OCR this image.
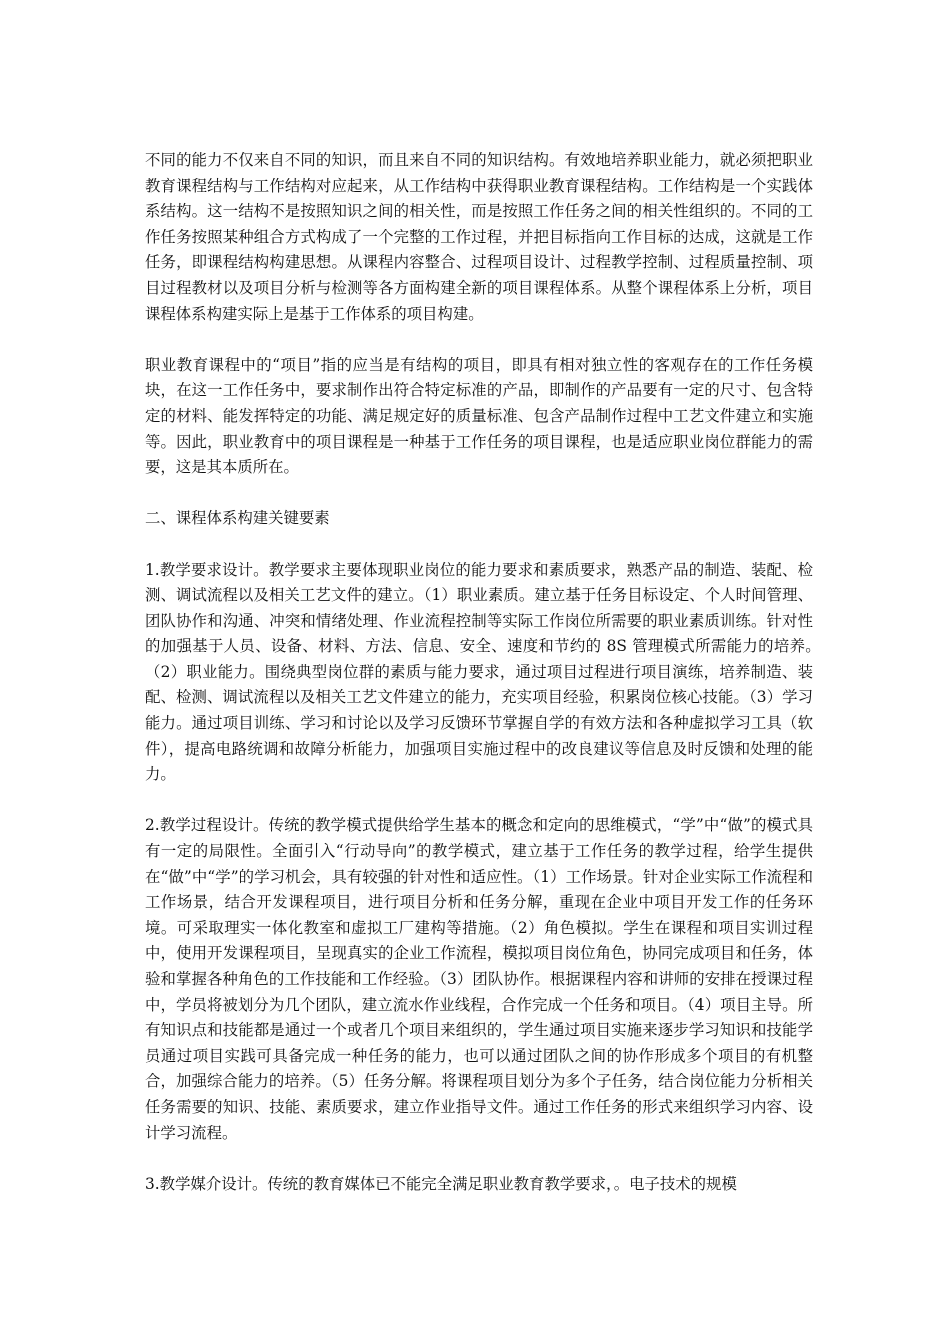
不同的能力不仅来自不同的知识，而且来自不同的知识结构。有效地培养职业能力，就必须把职业教育课程结构与工作结构对应起来，从工作结构中获得职业教育课程结构。工作结构是一个实践体系结构。这一结构不是按照知识之间的相关性，而是按照工作任务之间的相关性组织的。不同的工作任务按照某种组合方式构成了一个完整的工作过程，并把目标指向工作目标的达成，这就是工作任务，即课程结构构建思想。从课程内容整合、过程项目设计、过程教学控制、过程质量控制、项目过程教材以及项目分析与检测等各方面构建全新的项目课程体系。从整个课程体系上分析，项目课程体系构建实际上是基于工作体系的项目构建。

职业教育课程中的“项目”指的应当是有结构的项目，即具有相对独立性的客观存在的工作任务模块，在这一工作任务中，要求制作出符合特定标准的产品，即制作的产品要有一定的尺寸、包含特定的材料、能发挥特定的功能、满足规定好的质量标准、包含产品制作过程中工艺文件建立和实施等。因此，职业教育中的项目课程是一种基于工作任务的项目课程，也是适应职业岗位群能力的需要，这是其本质所在。

二、课程体系构建关键要素

1.教学要求设计。教学要求主要体现职业岗位的能力要求和素质要求，熟悉产品的制造、装配、检测、调试流程以及相关工艺文件的建立。（1）职业素质。建立基于任务目标设定、个人时间管理、团队协作和沟通、冲突和情绪处理、作业流程控制等实际工作岗位所需要的职业素质训练。针对性的加强基于人员、设备、材料、方法、信息、安全、速度和节约的 8S 管理模式所需能力的培养。　（2）职业能力。围绕典型岗位群的素质与能力要求，通过项目过程进行项目演练，培养制造、装配、检测、调试流程以及相关工艺文件建立的能力，充实项目经验，积累岗位核心技能。（3）学习能力。通过项目训练、学习和讨论以及学习反馈环节掌握自学的有效方法和各种虚拟学习工具（软件），提高电路统调和故障分析能力，加强项目实施过程中的改良建议等信息及时反馈和处理的能力。

2.教学过程设计。传统的教学模式提供给学生基本的概念和定向的思维模式，“学”中“做”的模式具有一定的局限性。全面引入“行动导向”的教学模式，建立基于工作任务的教学过程，给学生提供在“做”中“学”的学习机会，具有较强的针对性和适应性。（1）工作场景。针对企业实际工作流程和工作场景，结合开发课程项目，进行项目分析和任务分解，重现在企业中项目开发工作的任务环境。可采取理实一体化教室和虚拟工厂建构等措施。（2）角色模拟。学生在课程和项目实训过程中，使用开发课程项目，呈现真实的企业工作流程，模拟项目岗位角色，协同完成项目和任务，体验和掌握各种角色的工作技能和工作经验。（3）团队协作。根据课程内容和讲师的安排在授课过程中，学员将被划分为几个团队，建立流水作业线程，合作完成一个任务和项目。（4）项目主导。所有知识点和技能都是通过一个或者几个项目来组织的，学生通过项目实施来逐步学习知识和技能学员通过项目实践可具备完成一种任务的能力，也可以通过团队之间的协作形成多个项目的有机整合，加强综合能力的培养。（5）任务分解。将课程项目划分为多个子任务，结合岗位能力分析相关任务需要的知识、技能、素质要求，建立作业指导文件。通过工作任务的形式来组织学习内容、设计学习流程。

3.教学媒介设计。传统的教育媒体已不能完全满足职业教育教学要求，。电子技术的规模
